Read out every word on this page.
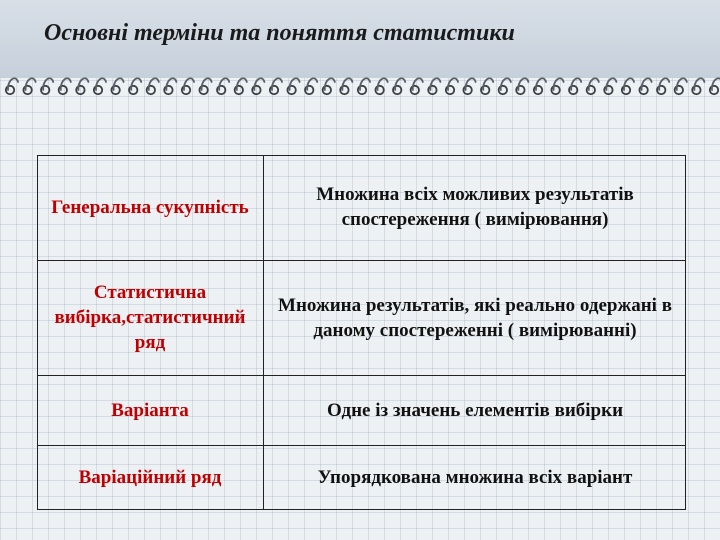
Основні терміни та поняття статистики
Генеральна сукупність	Множина всіх можливих результатів спостереження ( вимірювання)
Статистична вибірка,статистичний ряд	Множина результатів, які реально одержані в даному спостереженні ( вимірюванні)
Варіанта	Одне із значень елементів вибірки
Варіаційний ряд	Упорядкована множина всіх варіант
